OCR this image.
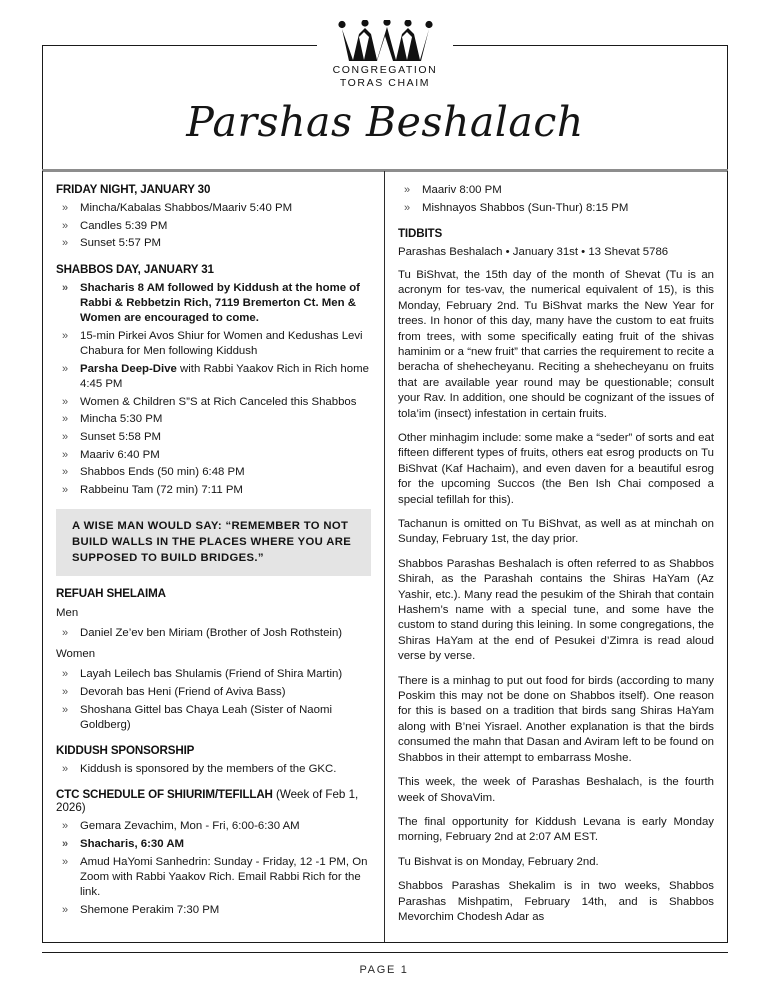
CONGREGATION
TORAS CHAIM
Parshas Beshalach
FRIDAY NIGHT, JANUARY 30
» Mincha/Kabalas Shabbos/Maariv 5:40 PM
» Candles 5:39 PM
» Sunset 5:57 PM
SHABBOS DAY, JANUARY 31
» Shacharis 8 AM followed by Kiddush at the home of Rabbi & Rebbetzin Rich, 7119 Bremerton Ct. Men & Women are encouraged to come.
» 15-min Pirkei Avos Shiur for Women and Kedushas Levi Chabura for Men following Kiddush
» Parsha Deep-Dive with Rabbi Yaakov Rich in Rich home 4:45 PM
» Women & Children S”S at Rich Canceled this Shabbos
» Mincha 5:30 PM
» Sunset 5:58 PM
» Maariv 6:40 PM
» Shabbos Ends (50 min) 6:48 PM
» Rabbeinu Tam (72 min) 7:11 PM
A WISE MAN WOULD SAY: “REMEMBER TO NOT BUILD WALLS IN THE PLACES WHERE YOU ARE SUPPOSED TO BUILD BRIDGES.”
REFUAH SHELAIMA
Men
» Daniel Ze’ev ben Miriam (Brother of Josh Rothstein)
Women
» Layah Leilech bas Shulamis (Friend of Shira Martin)
» Devorah bas Heni (Friend of Aviva Bass)
» Shoshana Gittel bas Chaya Leah (Sister of Naomi Goldberg)
KIDDUSH SPONSORSHIP
» Kiddush is sponsored by the members of the GKC.
CTC SCHEDULE OF SHIURIM/TEFILLAH (Week of Feb 1, 2026)
» Gemara Zevachim, Mon - Fri, 6:00-6:30 AM
» Shacharis, 6:30 AM
» Amud HaYomi Sanhedrin: Sunday - Friday, 12 -1 PM, On Zoom with Rabbi Yaakov Rich. Email Rabbi Rich for the link.
» Shemone Perakim 7:30 PM
» Maariv 8:00 PM
» Mishnayos Shabbos (Sun-Thur) 8:15 PM
TIDBITS
Parashas Beshalach • January 31st • 13 Shevat 5786

Tu BiShvat, the 15th day of the month of Shevat (Tu is an acronym for tes-vav, the numerical equivalent of 15), is this Monday, February 2nd. Tu BiShvat marks the New Year for trees. In honor of this day, many have the custom to eat fruits from trees, with some specifically eating fruit of the shivas haminim or a “new fruit” that carries the requirement to recite a beracha of shehecheyanu. Reciting a shehecheyanu on fruits that are available year round may be questionable; consult your Rav. In addition, one should be cognizant of the issues of tola’im (insect) infestation in certain fruits.

Other minhagim include: some make a “seder” of sorts and eat fifteen different types of fruits, others eat esrog products on Tu BiShvat (Kaf Hachaim), and even daven for a beautiful esrog for the upcoming Succos (the Ben Ish Chai composed a special tefillah for this).

Tachanun is omitted on Tu BiShvat, as well as at minchah on Sunday, February 1st, the day prior.

Shabbos Parashas Beshalach is often referred to as Shabbos Shirah, as the Parashah contains the Shiras HaYam (Az Yashir, etc.). Many read the pesukim of the Shirah that contain Hashem’s name with a special tune, and some have the custom to stand during this leining. In some congregations, the Shiras HaYam at the end of Pesukei d’Zimra is read aloud verse by verse.

There is a minhag to put out food for birds (according to many Poskim this may not be done on Shabbos itself). One reason for this is based on a tradition that birds sang Shiras HaYam along with B’nei Yisrael. Another explanation is that the birds consumed the mahn that Dasan and Aviram left to be found on Shabbos in their attempt to embarrass Moshe.

This week, the week of Parashas Beshalach, is the fourth week of ShovaVim.

The final opportunity for Kiddush Levana is early Monday morning, February 2nd at 2:07 AM EST.

Tu Bishvat is on Monday, February 2nd.

Shabbos Parashas Shekalim is in two weeks, Shabbos Parashas Mishpatim, February 14th, and is Shabbos Mevorchim Chodesh Adar as

PAGE 1
